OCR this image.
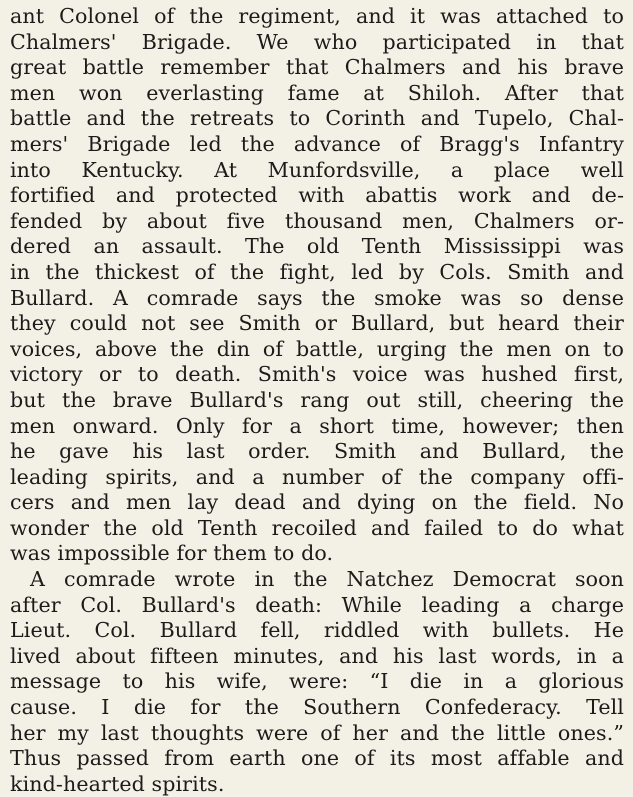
ant Colonel of the regiment, and it was attached to
Chalmers' Brigade. We who participated in that
great battle remember that Chalmers and his brave
men won everlasting fame at Shiloh. After that
battle and the retreats to Corinth and Tupelo, Chal-
mers' Brigade led the advance of Bragg's Infantry
into Kentucky. At Munfordsville, a place well
fortified and protected with abattis work and de-
fended by about five thousand men, Chalmers or-
dered an assault. The old Tenth Mississippi was
in the thickest of the fight, led by Cols. Smith and
Bullard. A comrade says the smoke was so dense
they could not see Smith or Bullard, but heard their
voices, above the din of battle, urging the men on to
victory or to death. Smith's voice was hushed first,
but the brave Bullard's rang out still, cheering the
men onward. Only for a short time, however; then
he gave his last order. Smith and Bullard, the
leading spirits, and a number of the company offi-
cers and men lay dead and dying on the field. No
wonder the old Tenth recoiled and failed to do what
was impossible for them to do.
A comrade wrote in the Natchez Democrat soon
after Col. Bullard's death: While leading a charge
Lieut. Col. Bullard fell, riddled with bullets. He
lived about fifteen minutes, and his last words, in a
message to his wife, were: “I die in a glorious
cause. I die for the Southern Confederacy. Tell
her my last thoughts were of her and the little ones.”
Thus passed from earth one of its most affable and
kind-hearted spirits.
